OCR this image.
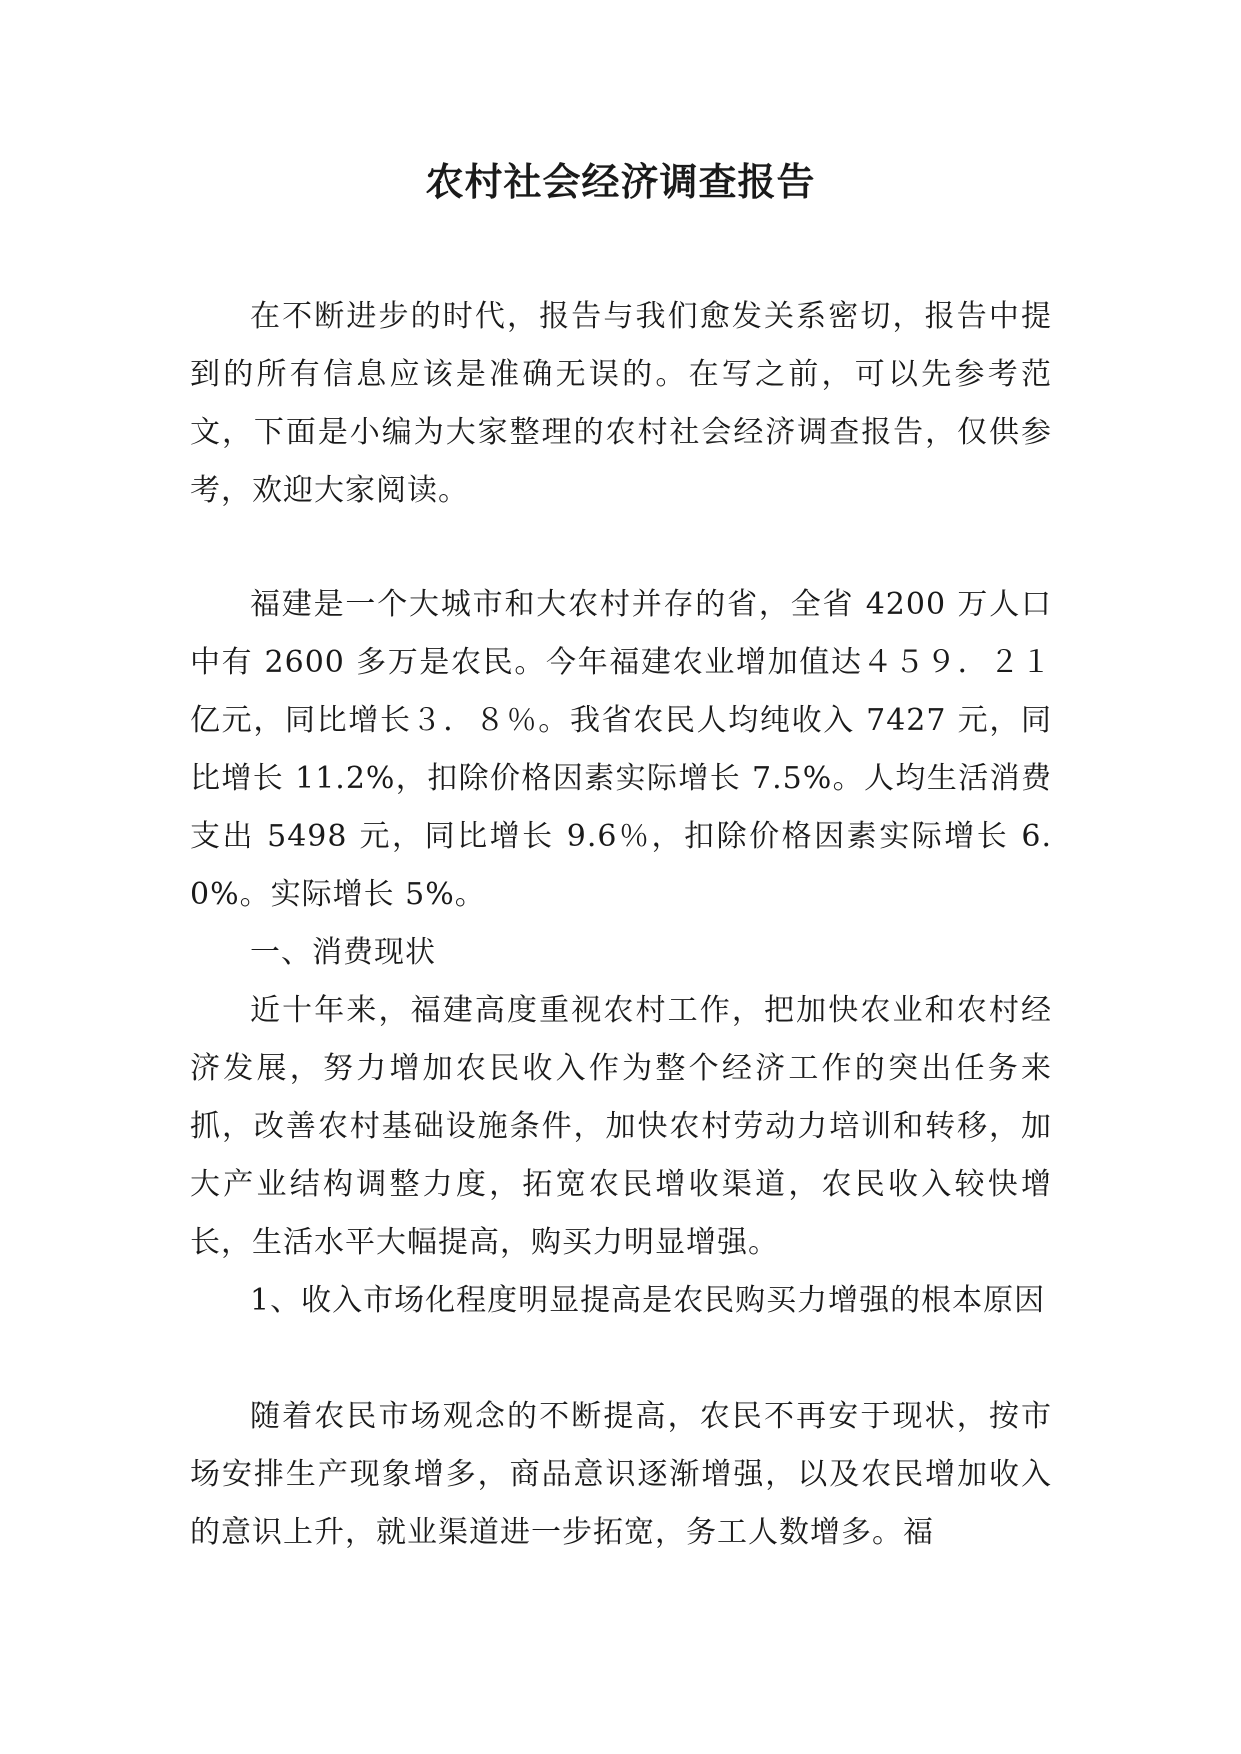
农村社会经济调查报告

在不断进步的时代，报告与我们愈发关系密切，报告中提到的所有信息应该是准确无误的。在写之前，可以先参考范文，下面是小编为大家整理的农村社会经济调查报告，仅供参考，欢迎大家阅读。

福建是一个大城市和大农村并存的省，全省 4200 万人口中有 2600 多万是农民。今年福建农业增加值达４５９．２１亿元，同比增长３．８％。我省农民人均纯收入 7427 元，同比增长 11.2%，扣除价格因素实际增长 7.5%。人均生活消费支出 5498 元，同比增长 9.6％，扣除价格因素实际增长 6.0%。实际增长 5%。

一、消费现状

近十年来，福建高度重视农村工作，把加快农业和农村经济发展，努力增加农民收入作为整个经济工作的突出任务来抓，改善农村基础设施条件，加快农村劳动力培训和转移，加大产业结构调整力度，拓宽农民增收渠道，农民收入较快增长，生活水平大幅提高，购买力明显增强。

1、收入市场化程度明显提高是农民购买力增强的根本原因

随着农民市场观念的不断提高，农民不再安于现状，按市场安排生产现象增多，商品意识逐渐增强，以及农民增加收入的意识上升，就业渠道进一步拓宽，务工人数增多。福
